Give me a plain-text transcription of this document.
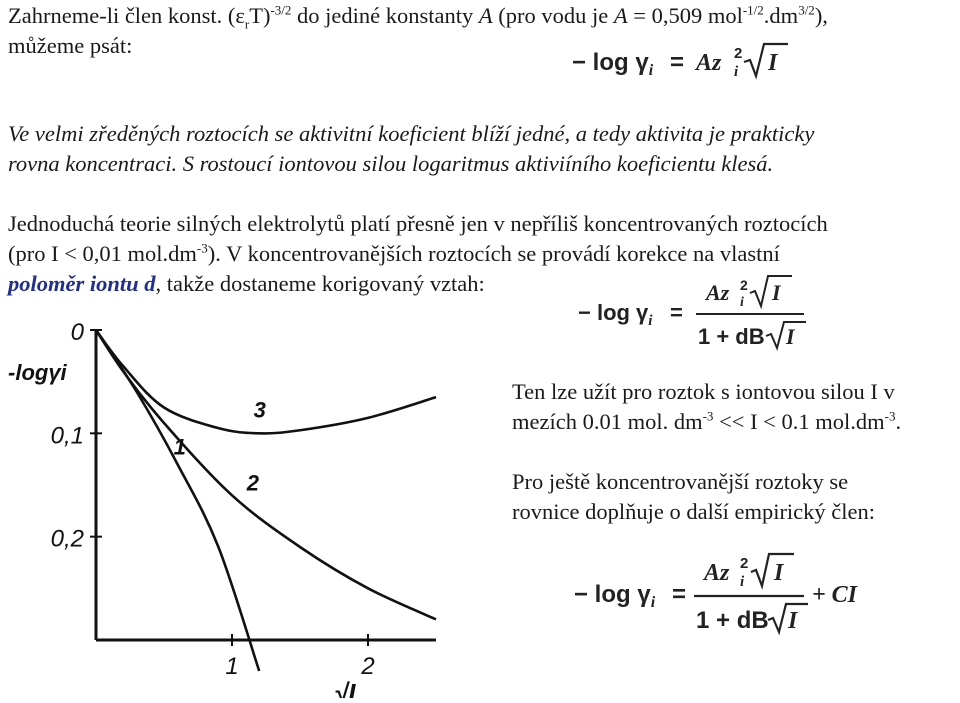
Zahrneme-li člen konst. $(\varepsilon_rT)^{-3/2}$ do jediné konstanty A (pro vodu je A = 0,509 $mol^{-1/2}.dm^{3/2}$),

můžeme psát:

− $\log \gamma_i = Az$ 2
i I

Ve velmi zředěných roztocích se aktivitní koeficient blíží jedné, a tedy aktivita je prakticky

rovna koncentraci. S rostoucí iontovou silou logaritmus aktiviíního koeficientu klesá.

Jednoduchá teorie silných elektrolytů platí přesně jen v nepříliš koncentrovaných roztocích

(pro I < 0,01 $mol.dm^{-3}$). V koncentrovanějších roztocích se provádí korekce na vlastní

poloměr iontu d, takže dostaneme korigovaný vztah:

− $\log \gamma_i$ =
Az 2
i I
1 + dB I
0
0,1
0,2
1	2
-logγi
√I
1
2
3

Ten lze užít pro roztok s iontovou silou I v

mezích 0.01 mol. $dm^{-3} << I < 0.1$ $mol.dm^{-3}$.

Pro ještě koncentrovanější roztoky se

rovnice doplňuje o další empirický člen:

− $\log \gamma_i$ =
Az 2
i I
1 + dB I
+ CI
